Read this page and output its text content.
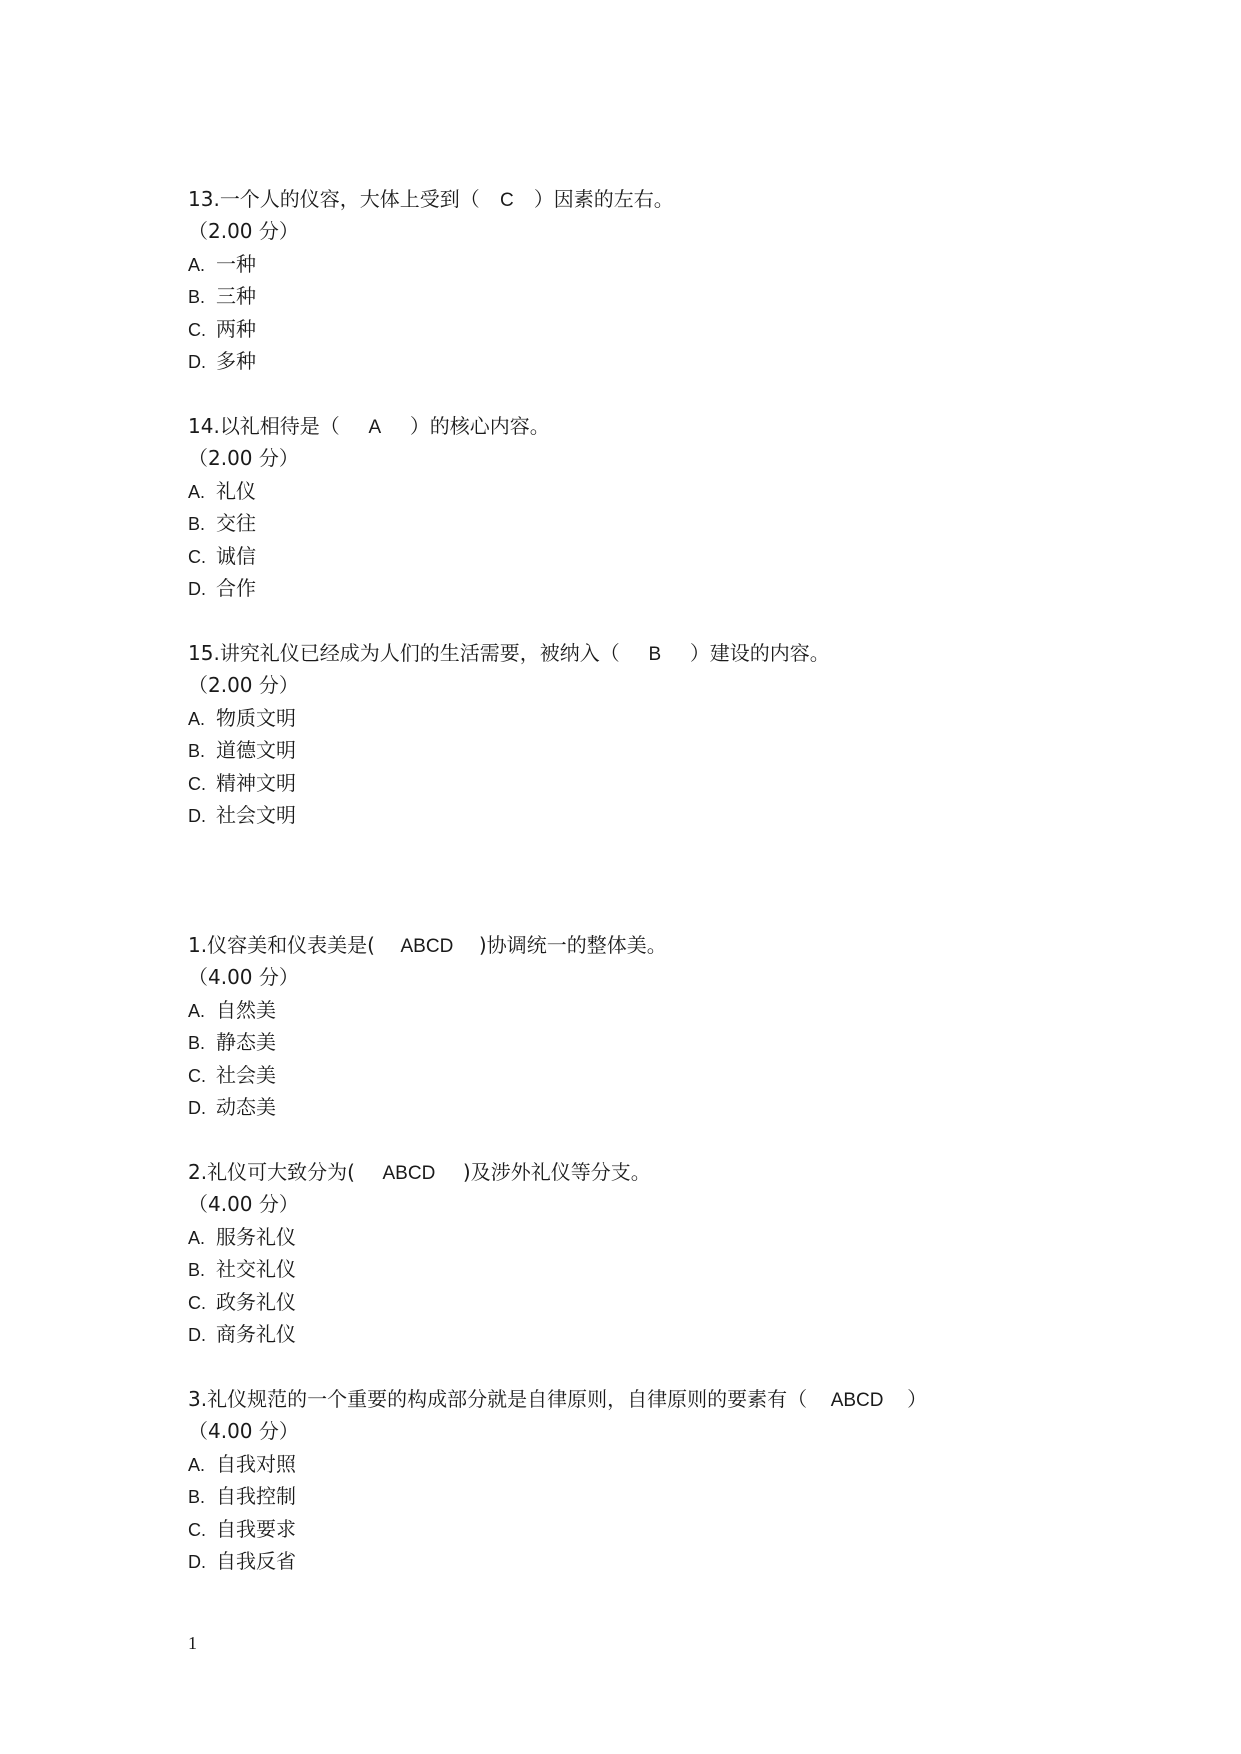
13.一个人的仪容，大体上受到（ C ）因素的左右。
（2.00 分）
A. 一种
B. 三种
C. 两种
D. 多种
14.以礼相待是（ A ）的核心内容。
（2.00 分）
A. 礼仪
B. 交往
C. 诚信
D. 合作
15.讲究礼仪已经成为人们的生活需要，被纳入（ B ）建设的内容。
（2.00 分）
A. 物质文明
B. 道德文明
C. 精神文明
D. 社会文明
1.仪容美和仪表美是( ABCD )协调统一的整体美。
（4.00 分）
A. 自然美
B. 静态美
C. 社会美
D. 动态美
2.礼仪可大致分为( ABCD )及涉外礼仪等分支。
（4.00 分）
A. 服务礼仪
B. 社交礼仪
C. 政务礼仪
D. 商务礼仪
3.礼仪规范的一个重要的构成部分就是自律原则，自律原则的要素有（ ABCD ）
（4.00 分）
A. 自我对照
B. 自我控制
C. 自我要求
D. 自我反省
1
